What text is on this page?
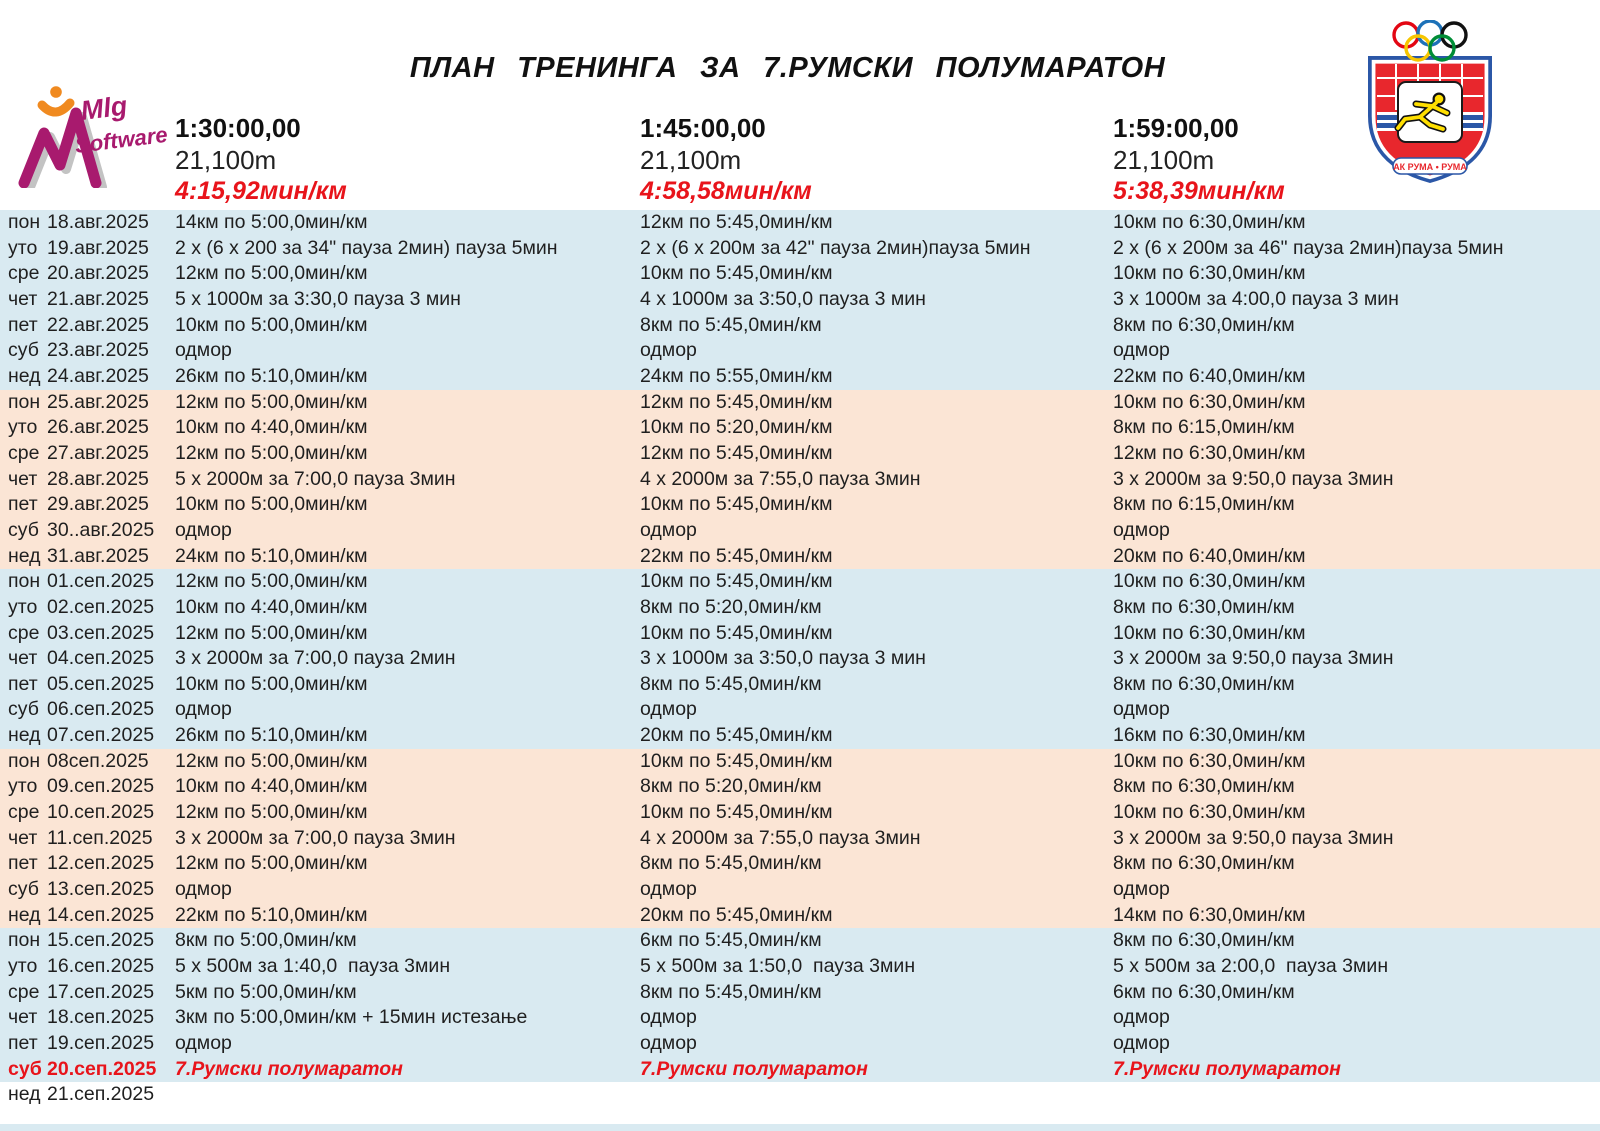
ПЛАН ТРЕНИНГА ЗА 7.РУМСКИ ПОЛУМАРАТОН
Mlg
Software
АК РУМА • РУМА
1:30:00,00
21,100m
4:15,92мин/км
1:45:00,00
21,100m
4:58,58мин/км
1:59:00,00
21,100m
5:38,39мин/км
пон 18.авг.2025 14км по 5:00,0мин/км	12км по 5:45,0мин/км	10км по 6:30,0мин/км
уто 19.авг.2025 2 х (6 х 200 за 34" пауза 2мин) пауза 5мин	2 х (6 х 200м за 42" пауза 2мин)пауза 5мин	2 х (6 х 200м за 46" пауза 2мин)пауза 5мин
сре 20.авг.2025 12км по 5:00,0мин/км	10км по 5:45,0мин/км	10км по 6:30,0мин/км
чет 21.авг.2025 5 х 1000м за 3:30,0 пауза 3 мин	4 х 1000м за 3:50,0 пауза 3 мин	3 х 1000м за 4:00,0 пауза 3 мин
пет 22.авг.2025 10км по 5:00,0мин/км	8км по 5:45,0мин/км	8км по 6:30,0мин/км
суб 23.авг.2025 одмор	одмор	одмор
нед 24.авг.2025 26км по 5:10,0мин/км	24км по 5:55,0мин/км	22км по 6:40,0мин/км
пон 25.авг.2025 12км по 5:00,0мин/км	12км по 5:45,0мин/км	10км по 6:30,0мин/км
уто 26.авг.2025 10км по 4:40,0мин/км	10км по 5:20,0мин/км	8км по 6:15,0мин/км
сре 27.авг.2025 12км по 5:00,0мин/км	12км по 5:45,0мин/км	12км по 6:30,0мин/км
чет 28.авг.2025 5 х 2000м за 7:00,0 пауза 3мин	4 х 2000м за 7:55,0 пауза 3мин	3 х 2000м за 9:50,0 пауза 3мин
пет 29.авг.2025 10км по 5:00,0мин/км	10км по 5:45,0мин/км	8км по 6:15,0мин/км
суб 30..авг.2025 одмор	одмор	одмор
нед 31.авг.2025 24км по 5:10,0мин/км	22км по 5:45,0мин/км	20км по 6:40,0мин/км
пон 01.сеп.2025 12км по 5:00,0мин/км	10км по 5:45,0мин/км	10км по 6:30,0мин/км
уто 02.сеп.2025 10км по 4:40,0мин/км	8км по 5:20,0мин/км	8км по 6:30,0мин/км
сре 03.сеп.2025 12км по 5:00,0мин/км	10км по 5:45,0мин/км	10км по 6:30,0мин/км
чет 04.сеп.2025 3 х 2000м за 7:00,0 пауза 2мин	3 х 1000м за 3:50,0 пауза 3 мин	3 х 2000м за 9:50,0 пауза 3мин
пет 05.сеп.2025 10км по 5:00,0мин/км	8км по 5:45,0мин/км	8км по 6:30,0мин/км
суб 06.сеп.2025 одмор	одмор	одмор
нед 07.сеп.2025 26км по 5:10,0мин/км	20км по 5:45,0мин/км	16км по 6:30,0мин/км
пон 08сеп.2025 12км по 5:00,0мин/км	10км по 5:45,0мин/км	10км по 6:30,0мин/км
уто 09.сеп.2025 10км по 4:40,0мин/км	8км по 5:20,0мин/км	8км по 6:30,0мин/км
сре 10.сеп.2025 12км по 5:00,0мин/км	10км по 5:45,0мин/км	10км по 6:30,0мин/км
чет 11.сеп.2025 3 х 2000м за 7:00,0 пауза 3мин	4 х 2000м за 7:55,0 пауза 3мин	3 х 2000м за 9:50,0 пауза 3мин
пет 12.сеп.2025 12км по 5:00,0мин/км	8км по 5:45,0мин/км	8км по 6:30,0мин/км
суб 13.сеп.2025 одмор	одмор	одмор
нед 14.сеп.2025 22км по 5:10,0мин/км	20км по 5:45,0мин/км	14км по 6:30,0мин/км
пон 15.сеп.2025 8км по 5:00,0мин/км	6км по 5:45,0мин/км	8км по 6:30,0мин/км
уто 16.сеп.2025 5 х 500м за 1:40,0  пауза 3мин	5 х 500м за 1:50,0  пауза 3мин	5 х 500м за 2:00,0  пауза 3мин
сре 17.сеп.2025 5км по 5:00,0мин/км	8км по 5:45,0мин/км	6км по 6:30,0мин/км
чет 18.сеп.2025 3км по 5:00,0мин/км + 15мин истезање	одмор	одмор
пет 19.сеп.2025 одмор	одмор	одмор
суб 20.сеп.2025 7.Румски полумаратон	7.Румски полумаратон	7.Румски полумаратон
нед 21.сеп.2025
